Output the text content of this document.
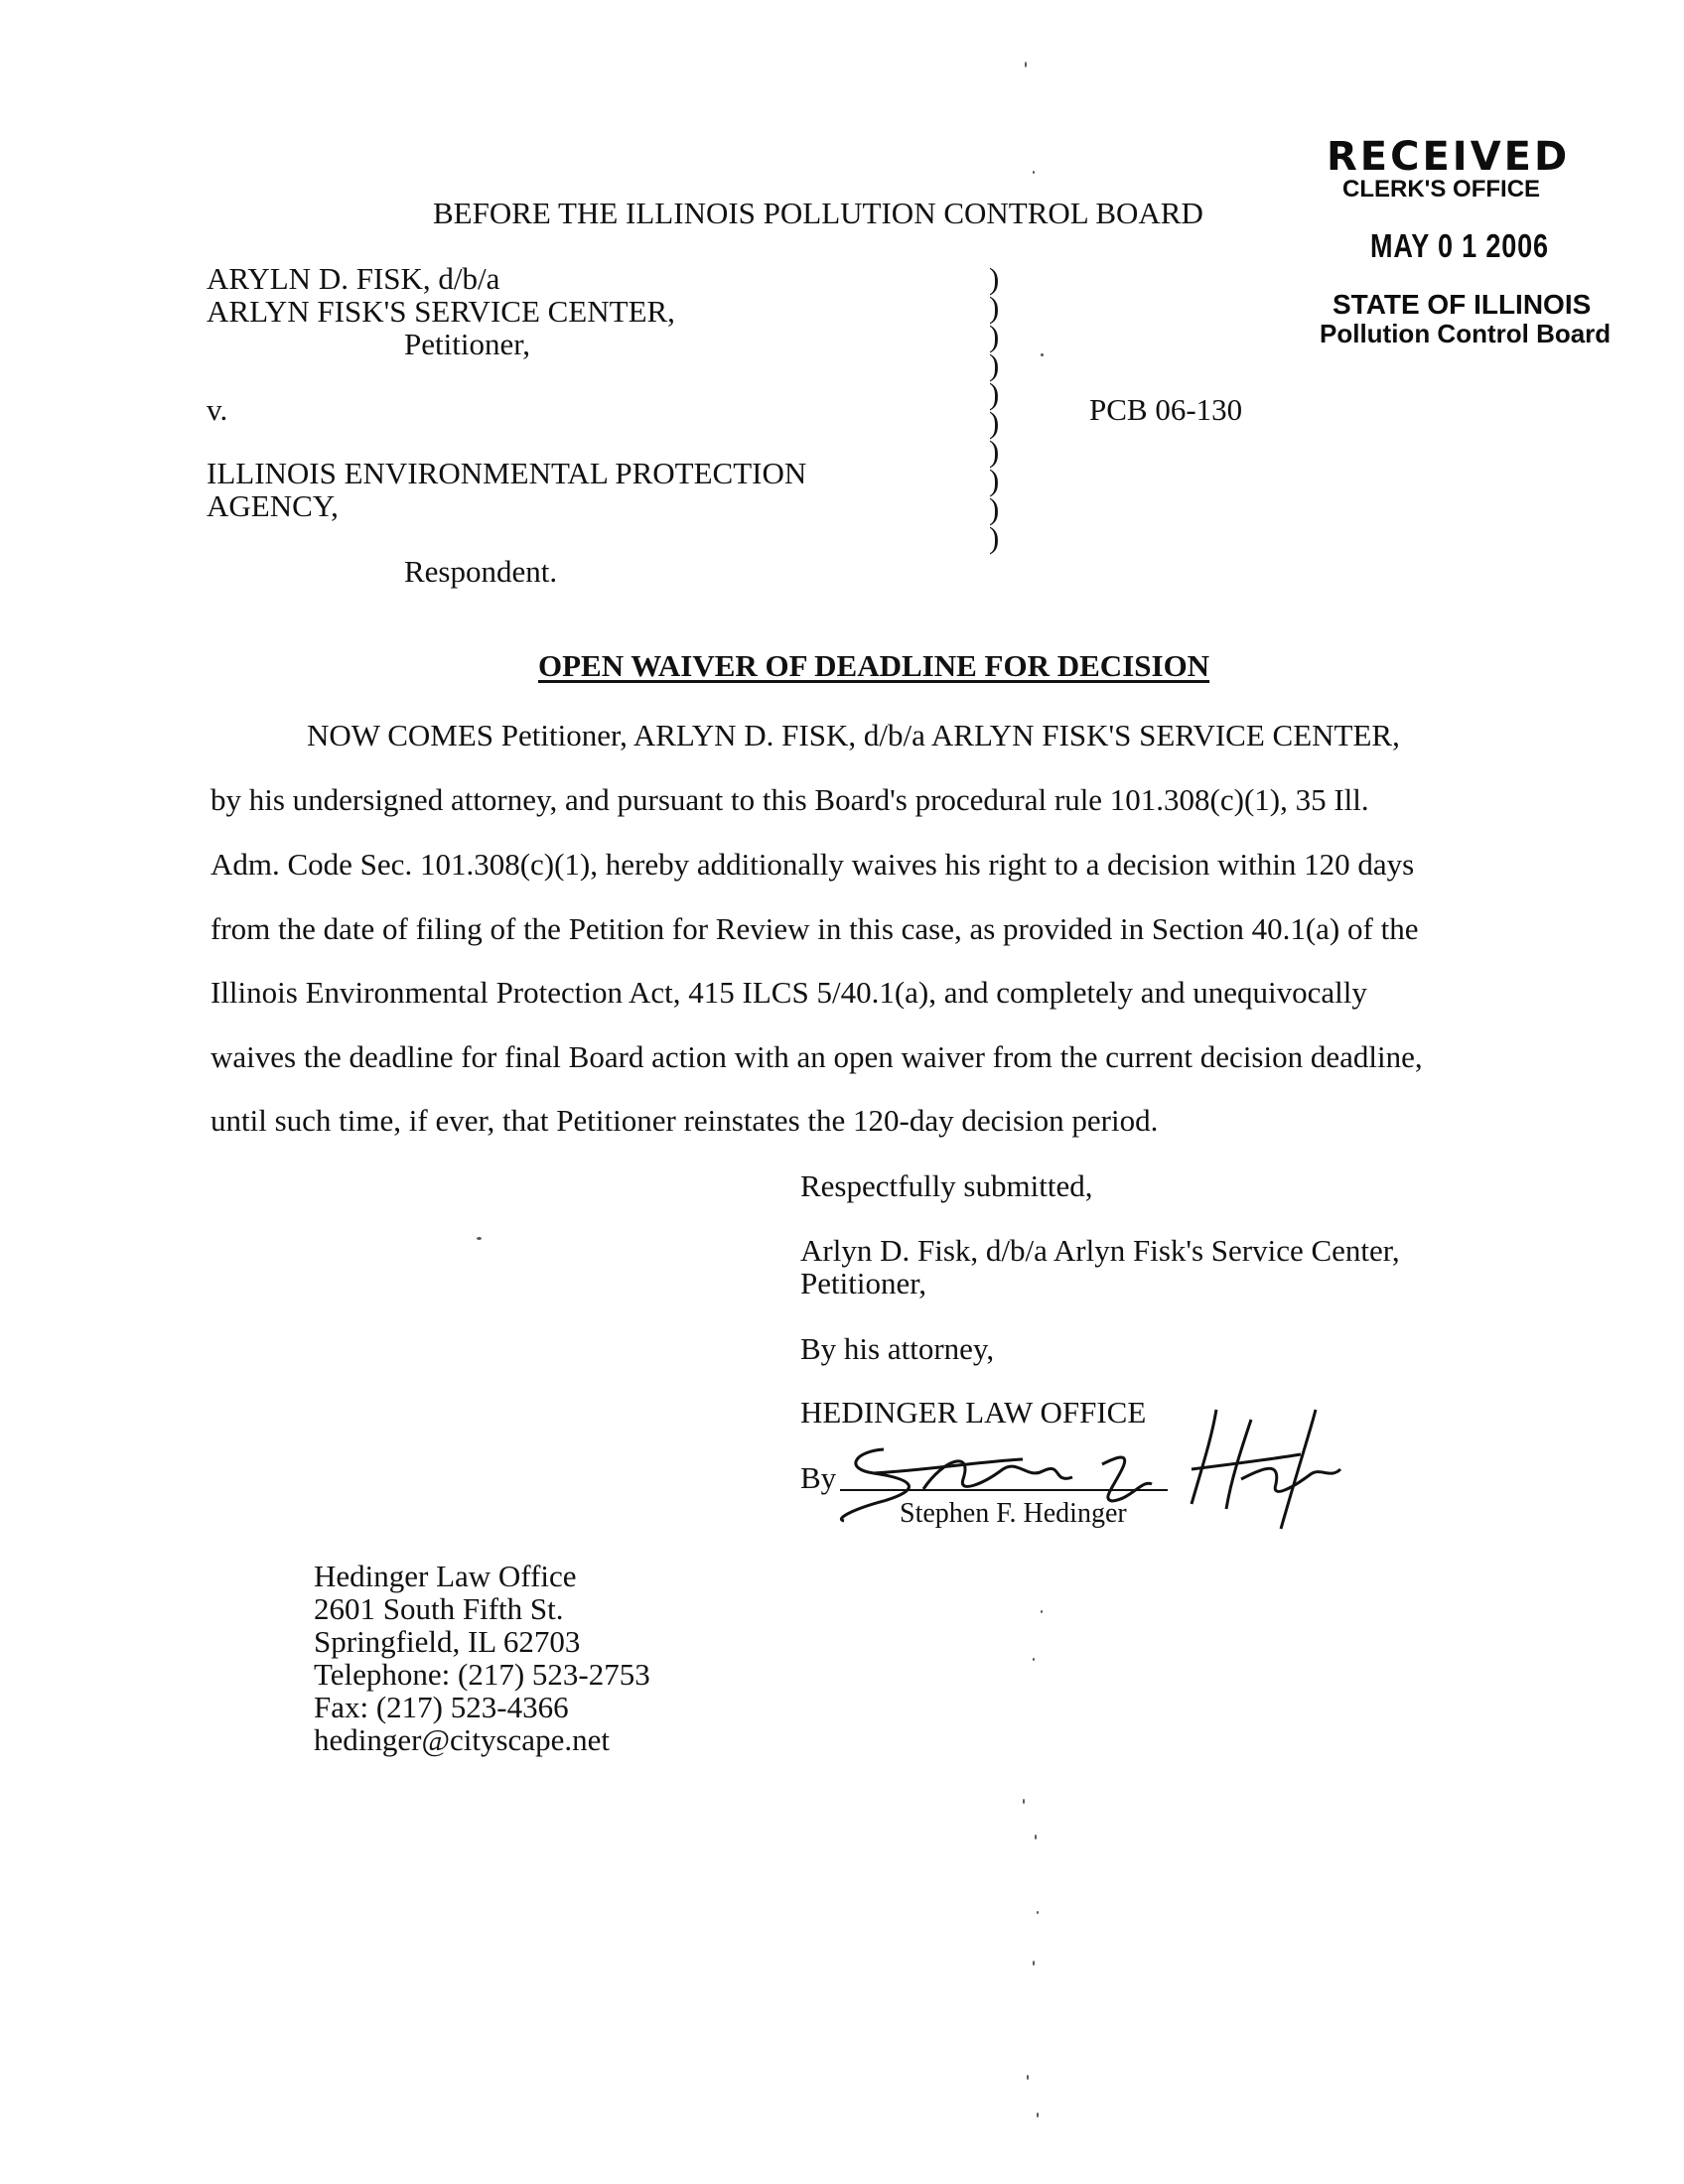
RECEIVED
CLERK'S OFFICE
MAY 0 1 2006
STATE OF ILLINOIS
Pollution Control Board
BEFORE THE ILLINOIS POLLUTION CONTROL BOARD
ARYLN D. FISK, d/b/a
ARLYN FISK'S SERVICE CENTER,
Petitioner,
v.
ILLINOIS ENVIRONMENTAL PROTECTION
AGENCY,
Respondent.
)
)
)
)
)
)
)
)
)
)
PCB 06-130
OPEN WAIVER OF DEADLINE FOR DECISION
NOW COMES Petitioner, ARLYN D. FISK, d/b/a ARLYN FISK'S SERVICE CENTER,
by his undersigned attorney, and pursuant to this Board's procedural rule 101.308(c)(1), 35 Ill.
Adm. Code Sec. 101.308(c)(1), hereby additionally waives his right to a decision within 120 days
from the date of filing of the Petition for Review in this case, as provided in Section 40.1(a) of the
Illinois Environmental Protection Act, 415 ILCS 5/40.1(a), and completely and unequivocally
waives the deadline for final Board action with an open waiver from the current decision deadline,
until such time, if ever, that Petitioner reinstates the 120-day decision period.
Respectfully submitted,
Arlyn D. Fisk, d/b/a Arlyn Fisk's Service Center,
Petitioner,
By his attorney,
HEDINGER LAW OFFICE
By
Stephen F. Hedinger
Hedinger Law Office
2601 South Fifth St.
Springfield, IL 62703
Telephone: (217) 523-2753
Fax: (217) 523-4366
hedinger@cityscape.net
